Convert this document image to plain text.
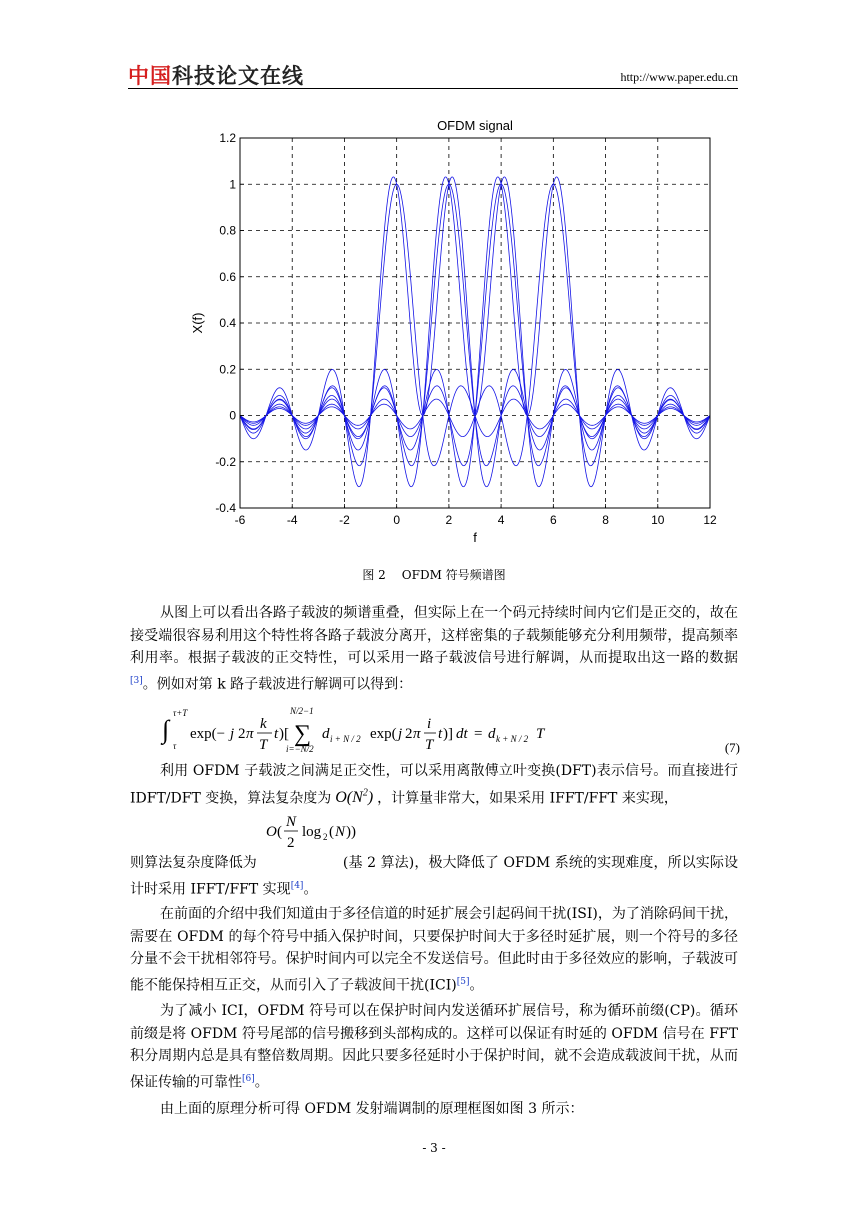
中国科技论文在线	http://www.paper.edu.cn
-6	-4	-2	0	2	4	6	8	10	12
-0.4
-0.2
0
0.2
0.4
0.6
0.8
1
1.2
OFDM signal
f
X(f)
图 2 OFDM 符号频谱图
从图上可以看出各路子载波的频谱重叠，但实际上在一个码元持续时间内它们是正交的，故在接受端很容易利用这个特性将各路子载波分离开，这样密集的子载频能够充分利用频带，提高频率利用率。根据子载波的正交特性，可以采用一路子载波信号进行解调，从而提取出这一路的数据[3]。例如对第 k 路子载波进行解调可以得到：
∫
τ+T
τ
exp(− j 2 π
k
T
t )[
N/2−1
∑
i=−N/2
d i + N / 2 exp( j 2 π
i
T
t )] dt = d k + N / 2 T
(7)
利用 OFDM 子载波之间满足正交性，可以采用离散傅立叶变换(DFT)表示信号。而直接进行 IDFT/DFT 变换，算法复杂度为 $O(N^2)$ ，计算量非常大，如果采用 IFFT/FFT 来实现，
O (
N
2
log 2 ( N ))
则算法复杂度降低为	(基 2 算法)，极大降低了 OFDM 系统的实现难度，所以实际设计时采用 IFFT/FFT 实现[4]。
在前面的介绍中我们知道由于多径信道的时延扩展会引起码间干扰(ISI)，为了消除码间干扰，需要在 OFDM 的每个符号中插入保护时间，只要保护时间大于多径时延扩展，则一个符号的多径分量不会干扰相邻符号。保护时间内可以完全不发送信号。但此时由于多径效应的影响，子载波可能不能保持相互正交，从而引入了子载波间干扰(ICI)[5]。
为了减小 ICI，OFDM 符号可以在保护时间内发送循环扩展信号，称为循环前缀(CP)。循环前缀是将 OFDM 符号尾部的信号搬移到头部构成的。这样可以保证有时延的 OFDM 信号在 FFT 积分周期内总是具有整倍数周期。因此只要多径延时小于保护时间，就不会造成载波间干扰，从而保证传输的可靠性[6]。
由上面的原理分析可得 OFDM 发射端调制的原理框图如图 3 所示：
- 3 -
